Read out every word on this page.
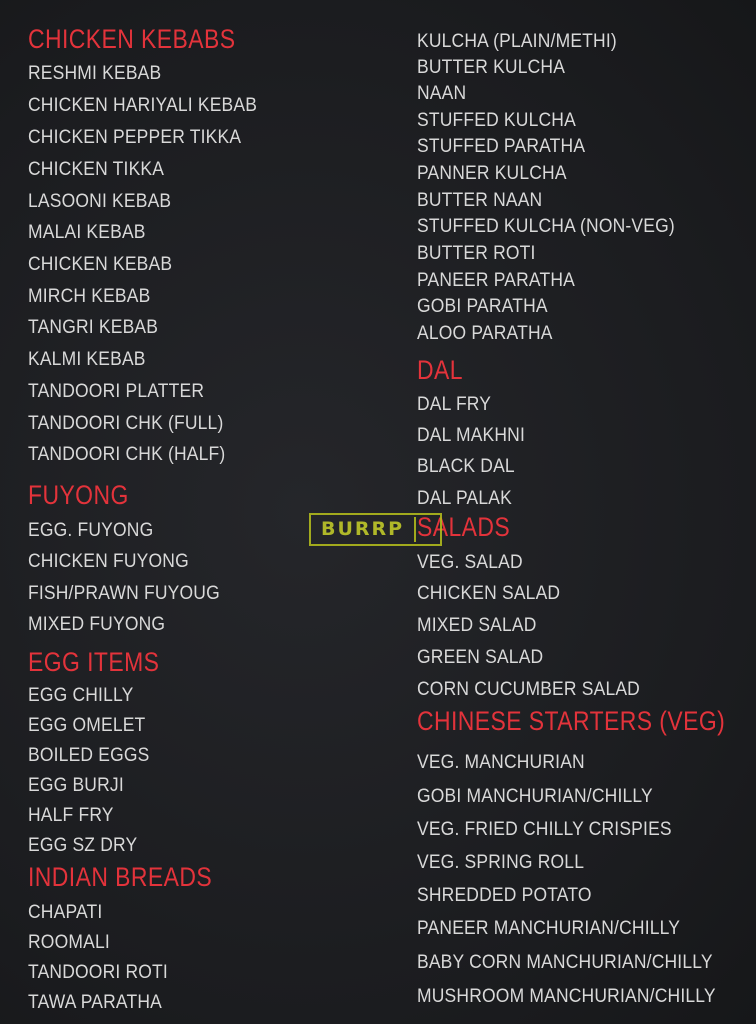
CHICKEN KEBABS
RESHMI KEBAB
CHICKEN HARIYALI KEBAB
CHICKEN PEPPER TIKKA
CHICKEN TIKKA
LASOONI KEBAB
MALAI KEBAB
CHICKEN KEBAB
MIRCH KEBAB
TANGRI KEBAB
KALMI KEBAB
TANDOORI PLATTER
TANDOORI CHK (FULL)
TANDOORI CHK (HALF)
FUYONG
EGG. FUYONG
CHICKEN FUYONG
FISH/PRAWN FUYOUG
MIXED FUYONG
EGG ITEMS
EGG CHILLY
EGG OMELET
BOILED EGGS
EGG BURJI
HALF FRY
EGG SZ DRY
INDIAN BREADS
CHAPATI
ROOMALI
TANDOORI ROTI
TAWA PARATHA
KULCHA (PLAIN/METHI)
BUTTER KULCHA
NAAN
STUFFED KULCHA
STUFFED PARATHA
PANNER KULCHA
BUTTER NAAN
STUFFED KULCHA (NON-VEG)
BUTTER ROTI
PANEER PARATHA
GOBI PARATHA
ALOO PARATHA
DAL
DAL FRY
DAL MAKHNI
BLACK DAL
DAL PALAK
SALADS
VEG. SALAD
CHICKEN SALAD
MIXED SALAD
GREEN SALAD
CORN CUCUMBER SALAD
CHINESE STARTERS (VEG)
VEG. MANCHURIAN
GOBI MANCHURIAN/CHILLY
VEG. FRIED CHILLY CRISPIES
VEG. SPRING ROLL
SHREDDED POTATO
PANEER MANCHURIAN/CHILLY
BABY CORN MANCHURIAN/CHILLY
MUSHROOM MANCHURIAN/CHILLY
BURRP
